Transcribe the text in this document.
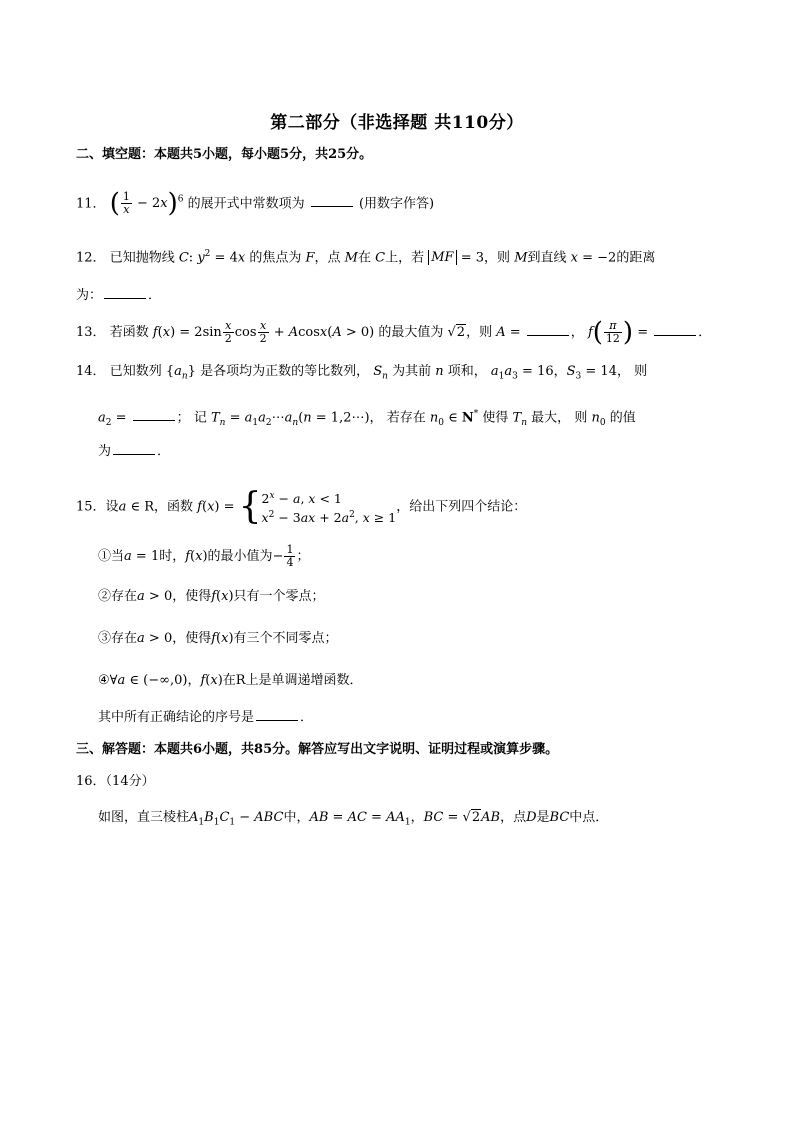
第二部分（非选择题 共110分）
二、填空题：本题共5小题，每小题5分，共25分。
11． ( $\frac{1}{x} - 2x)^6$ 的展开式中常数项为	(用数字作答)
12． 已知抛物线 C: $y^2 = 4x$ 的焦点为 F，点 M在 C上，若 MF = 3，则 M到直线 x = −2的距离
为：	．
13． 若函数 $f(x) = 2\sin \frac{x}{2}$ $\cos \frac{x}{2} + Acosx(A > 0)$ 的最大值为 √2，则 A =	， $f( \frac{\pi}{12}$ ) =	．
14． 已知数列 $\{a_n\}$ 是各项均为正数的等比数列， $S_n$ 为其前 n 项和， $a_1a_3 = 16$，$S_3 = 14$， 则
$a_2$ =	； 记 $T_n$ = $a_1a_2\cdots a_n(n$ = 1,2⋯)， 若存在 $n_0$ ∈ N* 使得 $T_n$ 最大， 则 $n_0$ 的值
为	．
15．设a ∈ R，函数 f(x) = { $2^x - a$, x < 1
$x^2 - 3ax + 2a^2$, x ≥ 1
，给出下列四个结论：
①当a = 1时，f(x)的最小值为− $\frac{1}{4}$ ；
②存在a > 0，使得f(x)只有一个零点；
③存在a > 0，使得f(x)有三个不同零点；
④∀a ∈ (−∞,0)，f(x)在R上是单调递增函数．
其中所有正确结论的序号是	．
三、解答题：本题共6小题，共85分。解答应写出文字说明、证明过程或演算步骤。
16．（14分）
如图，直三棱柱$A_1B_1C_1$ − ABC中，AB = AC = $AA_1$，BC = √2AB，点D是BC中点．
